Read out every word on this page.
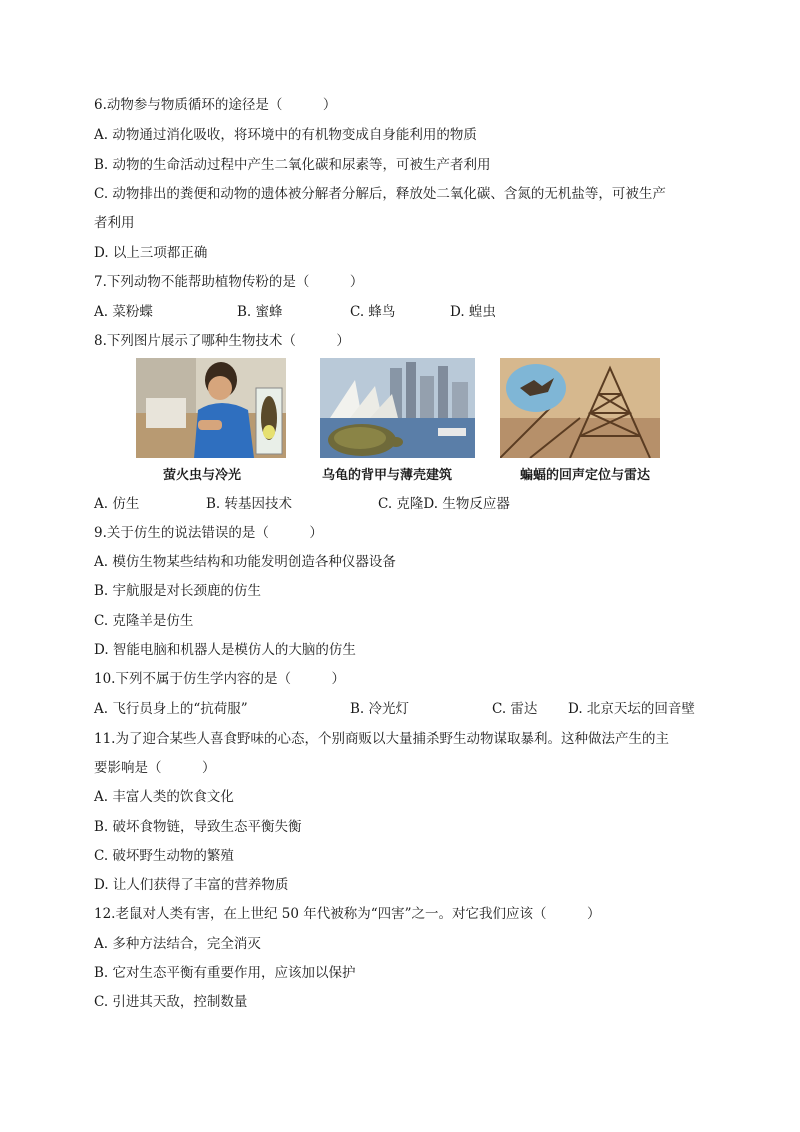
6.动物参与物质循环的途径是（　　　）
A. 动物通过消化吸收，将环境中的有机物变成自身能利用的物质
B. 动物的生命活动过程中产生二氧化碳和尿素等，可被生产者利用
C. 动物排出的粪便和动物的遗体被分解者分解后，释放处二氧化碳、含氮的无机盐等，可被生产
者利用
D. 以上三项都正确
7.下列动物不能帮助植物传粉的是（　　　）
A. 菜粉蝶	B. 蜜蜂	C. 蜂鸟	D. 蝗虫
8.下列图片展示了哪种生物技术（　　　）
萤火虫与冷光	乌龟的背甲与薄壳建筑	蝙蝠的回声定位与雷达
A. 仿生	B. 转基因技术	C. 克隆D. 生物反应器
9.关于仿生的说法错误的是（　　　）
A. 模仿生物某些结构和功能发明创造各种仪器设备
B. 宇航服是对长颈鹿的仿生
C. 克隆羊是仿生
D. 智能电脑和机器人是模仿人的大脑的仿生
10.下列不属于仿生学内容的是（　　　）
A. 飞行员身上的“抗荷服”	B. 冷光灯	C. 雷达 D. 北京天坛的回音壁
11.为了迎合某些人喜食野味的心态，个别商贩以大量捕杀野生动物谋取暴利。这种做法产生的主
要影响是（　　　）
A. 丰富人类的饮食文化
B. 破坏食物链，导致生态平衡失衡
C. 破坏野生动物的繁殖
D. 让人们获得了丰富的营养物质
12.老鼠对人类有害，在上世纪 50 年代被称为“四害”之一。对它我们应该（　　　）
A. 多种方法结合，完全消灭
B. 它对生态平衡有重要作用，应该加以保护
C. 引进其天敌，控制数量
